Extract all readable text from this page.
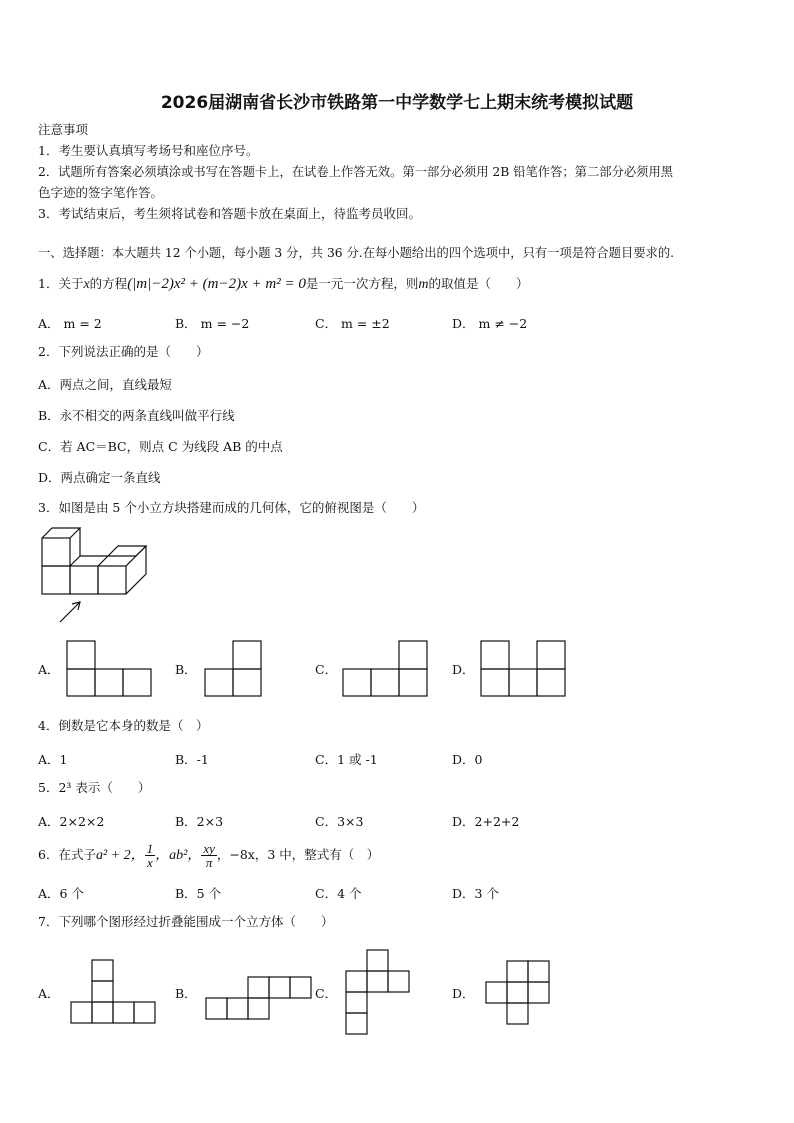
2026届湖南省长沙市铁路第一中学数学七上期末统考模拟试题
注意事项
1．考生要认真填写考场号和座位序号。
2．试题所有答案必须填涂或书写在答题卡上，在试卷上作答无效。第一部分必须用 2B 铅笔作答；第二部分必须用黑
色字迹的签字笔作答。
3．考试结束后，考生须将试卷和答题卡放在桌面上，待监考员收回。
一、选择题：本大题共 12 个小题，每小题 3 分，共 36 分.在每小题给出的四个选项中，只有一项是符合题目要求的.
1．关于x的方程(|m|−2)x² + (m−2)x + m² = 0是一元一次方程，则m的取值是（　　）
A． m = 2	B． m = −2	C． m = ±2	D． m ≠ −2
2．下列说法正确的是（　　）
A．两点之间，直线最短
B．永不相交的两条直线叫做平行线
C．若 AC＝BC，则点 C 为线段 AB 的中点
D．两点确定一条直线
3．如图是由 5 个小立方块搭建而成的几何体，它的俯视图是（　　）
A．	B．	C．	D．
4．倒数是它本身的数是（　）
A．1	B．-1	C．1 或 -1	D．0
5．2³ 表示（　　）
A．2×2×2	B．2×3	C．3×3	D．2+2+2
6．在式子a² + 2， $\frac{1}{x}$ ，ab²， $\frac{xy}{\pi}$ ，−8x，3 中，整式有（　）
A．6 个	B．5 个	C．4 个	D．3 个
7．下列哪个图形经过折叠能围成一个立方体（　　）
A．	B．	C．	D．
